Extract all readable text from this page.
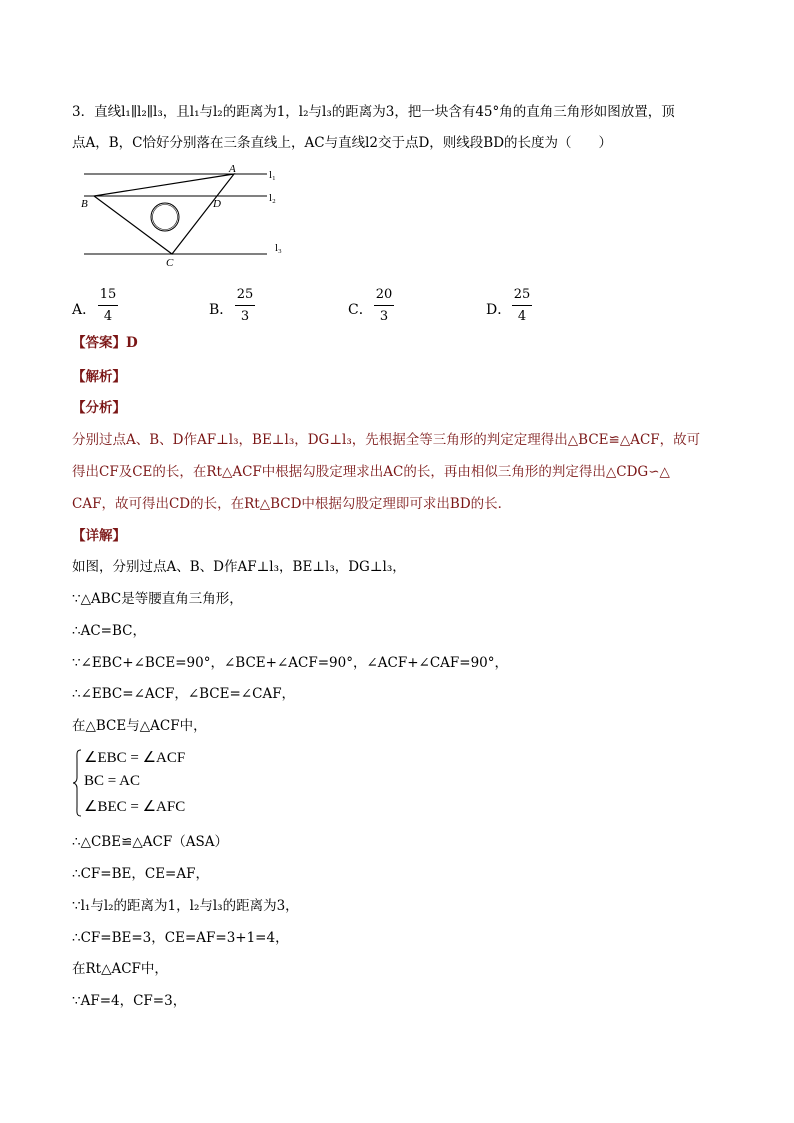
3．直线l₁∥l₂∥l₃，且l₁与l₂的距离为1，l₂与l₃的距离为3，把一块含有45°角的直角三角形如图放置，顶
点A，B，C恰好分别落在三条直线上，AC与直线l2交于点D，则线段BD的长度为（　　）
A
B
C
D
l₁
l₂
l₃
A．
15
4	B．
25
3	C．
20
3	D．
25
4
【答案】D
【解析】
【分析】
分别过点A、B、D作AF⊥l₃，BE⊥l₃，DG⊥l₃，先根据全等三角形的判定定理得出△BCE≌△ACF，故可
得出CF及CE的长，在Rt△ACF中根据勾股定理求出AC的长，再由相似三角形的判定得出△CDG∽△
CAF，故可得出CD的长，在Rt△BCD中根据勾股定理即可求出BD的长．
【详解】
如图，分别过点A、B、D作AF⊥l₃，BE⊥l₃，DG⊥l₃，
∵△ABC是等腰直角三角形，
∴AC=BC，
∵∠EBC+∠BCE=90°，∠BCE+∠ACF=90°，∠ACF+∠CAF=90°，
∴∠EBC=∠ACF，∠BCE=∠CAF，
在△BCE与△ACF中，
∠EBC = ∠ACF
BC = AC
∠BEC = ∠AFC
∴△CBE≌△ACF（ASA）
∴CF=BE，CE=AF，
∵l₁与l₂的距离为1，l₂与l₃的距离为3，
∴CF=BE=3，CE=AF=3+1=4，
在Rt△ACF中，
∵AF=4，CF=3，
